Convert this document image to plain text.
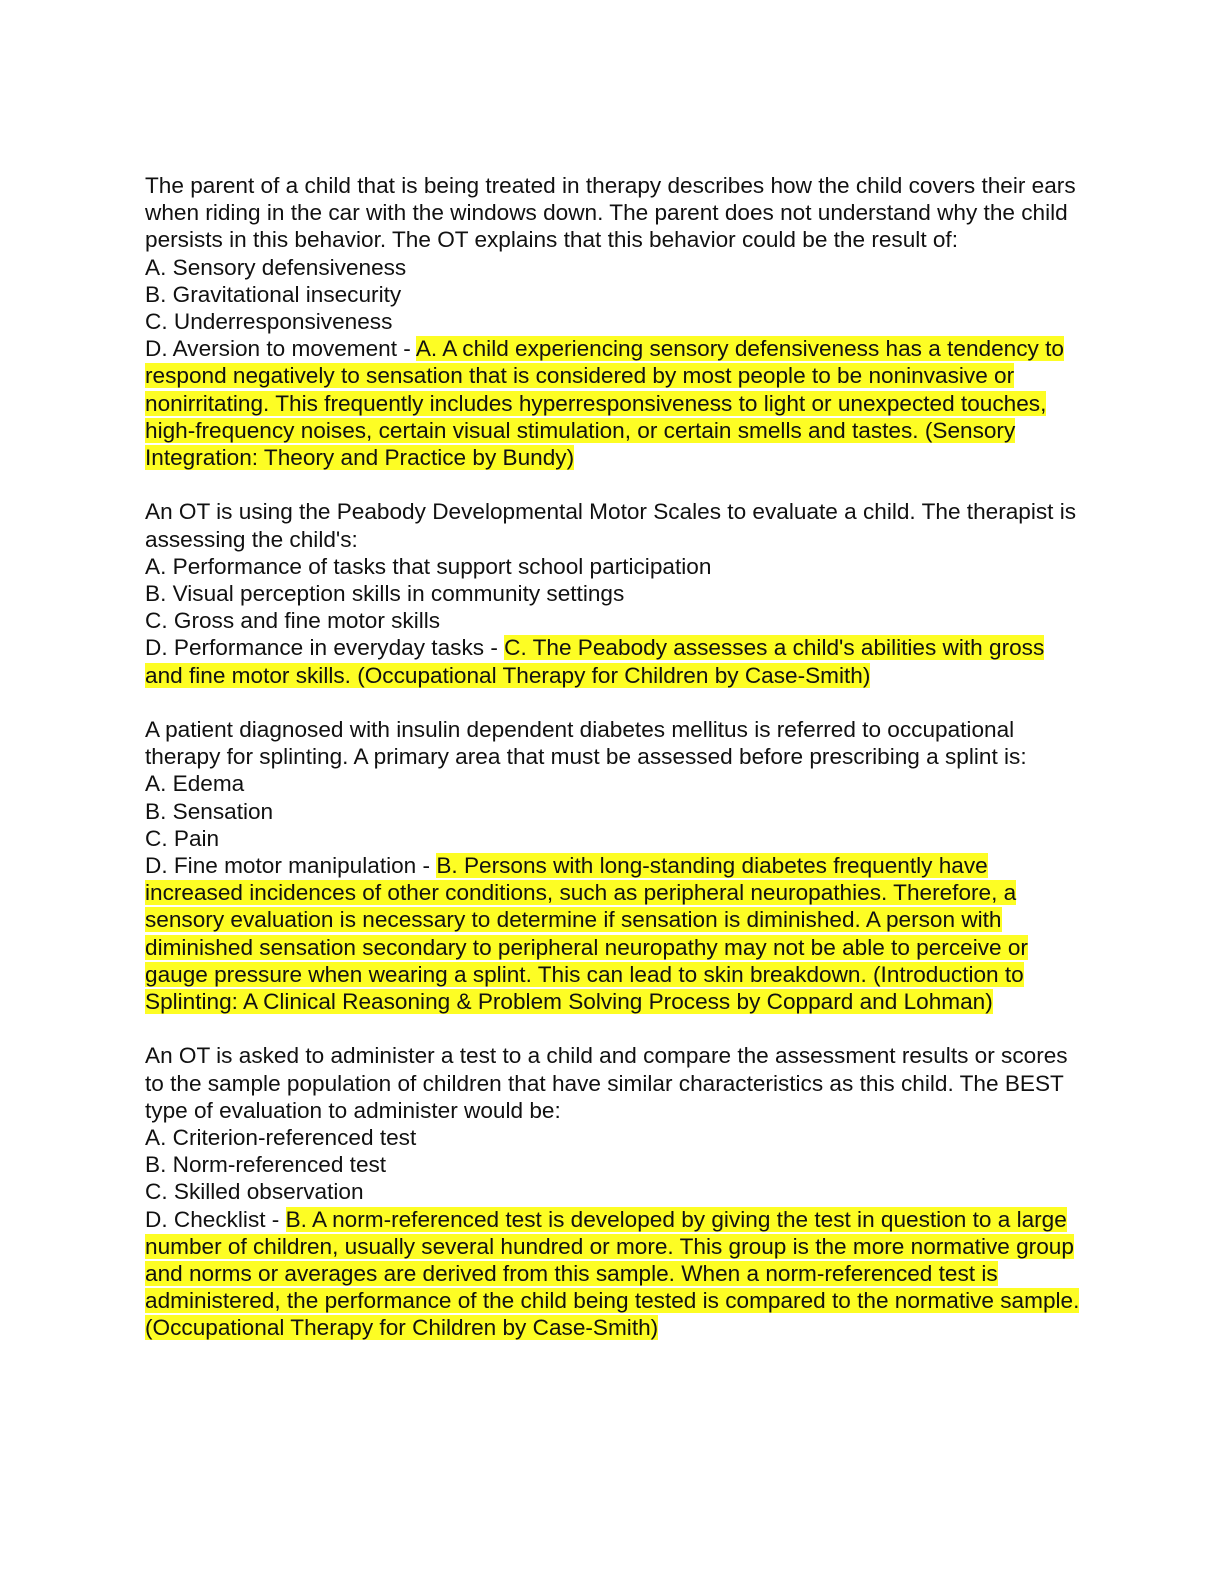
The parent of a child that is being treated in therapy describes how the child covers their ears when riding in the car with the windows down. The parent does not understand why the child persists in this behavior. The OT explains that this behavior could be the result of:
A. Sensory defensiveness
B. Gravitational insecurity
C. Underresponsiveness
D. Aversion to movement - A. A child experiencing sensory defensiveness has a tendency to respond negatively to sensation that is considered by most people to be noninvasive or nonirritating. This frequently includes hyperresponsiveness to light or unexpected touches, high-frequency noises, certain visual stimulation, or certain smells and tastes. (Sensory Integration: Theory and Practice by Bundy)
An OT is using the Peabody Developmental Motor Scales to evaluate a child. The therapist is assessing the child's:
A. Performance of tasks that support school participation
B. Visual perception skills in community settings
C. Gross and fine motor skills
D. Performance in everyday tasks - C. The Peabody assesses a child's abilities with gross and fine motor skills. (Occupational Therapy for Children by Case-Smith)
A patient diagnosed with insulin dependent diabetes mellitus is referred to occupational therapy for splinting. A primary area that must be assessed before prescribing a splint is:
A. Edema
B. Sensation
C. Pain
D. Fine motor manipulation - B. Persons with long-standing diabetes frequently have increased incidences of other conditions, such as peripheral neuropathies. Therefore, a sensory evaluation is necessary to determine if sensation is diminished. A person with diminished sensation secondary to peripheral neuropathy may not be able to perceive or gauge pressure when wearing a splint. This can lead to skin breakdown. (Introduction to Splinting: A Clinical Reasoning & Problem Solving Process by Coppard and Lohman)
An OT is asked to administer a test to a child and compare the assessment results or scores to the sample population of children that have similar characteristics as this child. The BEST type of evaluation to administer would be:
A. Criterion-referenced test
B. Norm-referenced test
C. Skilled observation
D. Checklist - B. A norm-referenced test is developed by giving the test in question to a large number of children, usually several hundred or more. This group is the more normative group and norms or averages are derived from this sample. When a norm-referenced test is administered, the performance of the child being tested is compared to the normative sample. (Occupational Therapy for Children by Case-Smith)
